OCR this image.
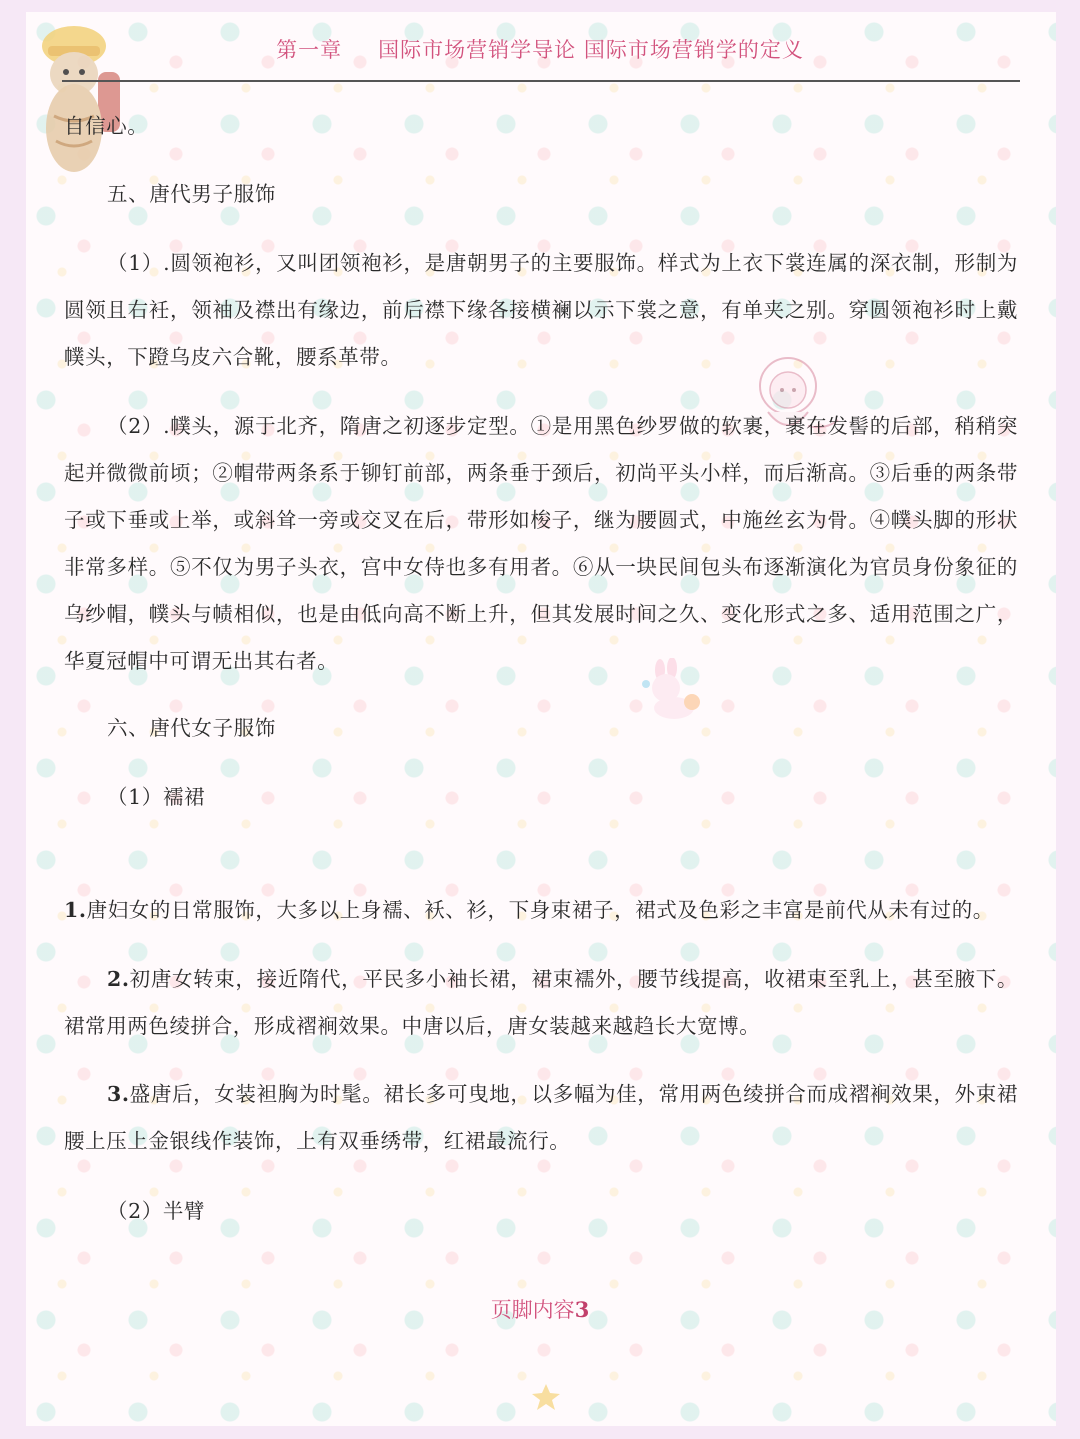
第一章 国际市场营销学导论 国际市场营销学的定义

自信心。

五、唐代男子服饰

（1）.圆领袍衫，又叫团领袍衫，是唐朝男子的主要服饰。样式为上衣下裳连属的深衣制，形制为圆领且右衽，领袖及襟出有缘边，前后襟下缘各接横襕以示下裳之意，有单夹之别。穿圆领袍衫时上戴幞头，下蹬乌皮六合靴，腰系革带。

（2）.幞头，源于北齐，隋唐之初逐步定型。①是用黑色纱罗做的软裹，裹在发髻的后部，稍稍突起并微微前顷；②帽带两条系于铆钉前部，两条垂于颈后，初尚平头小样，而后渐高。③后垂的两条带子或下垂或上举，或斜耸一旁或交叉在后，带形如梭子，继为腰圆式，中施丝玄为骨。④幞头脚的形状非常多样。⑤不仅为男子头衣，宫中女侍也多有用者。⑥从一块民间包头布逐渐演化为官员身份象征的乌纱帽，幞头与帻相似，也是由低向高不断上升，但其发展时间之久、变化形式之多、适用范围之广，华夏冠帽中可谓无出其右者。

六、唐代女子服饰

（1）襦裙

1.唐妇女的日常服饰，大多以上身襦、袄、衫，下身束裙子，裙式及色彩之丰富是前代从未有过的。

2.初唐女转束，接近隋代，平民多小袖长裙，裙束襦外，腰节线提高，收裙束至乳上，甚至腋下。裙常用两色绫拼合，形成褶裥效果。中唐以后，唐女装越来越趋长大宽博。

3.盛唐后，女装袒胸为时髦。裙长多可曳地，以多幅为佳，常用两色绫拼合而成褶裥效果，外束裙腰上压上金银线作装饰，上有双垂绣带，红裙最流行。

（2）半臂

页脚内容3
